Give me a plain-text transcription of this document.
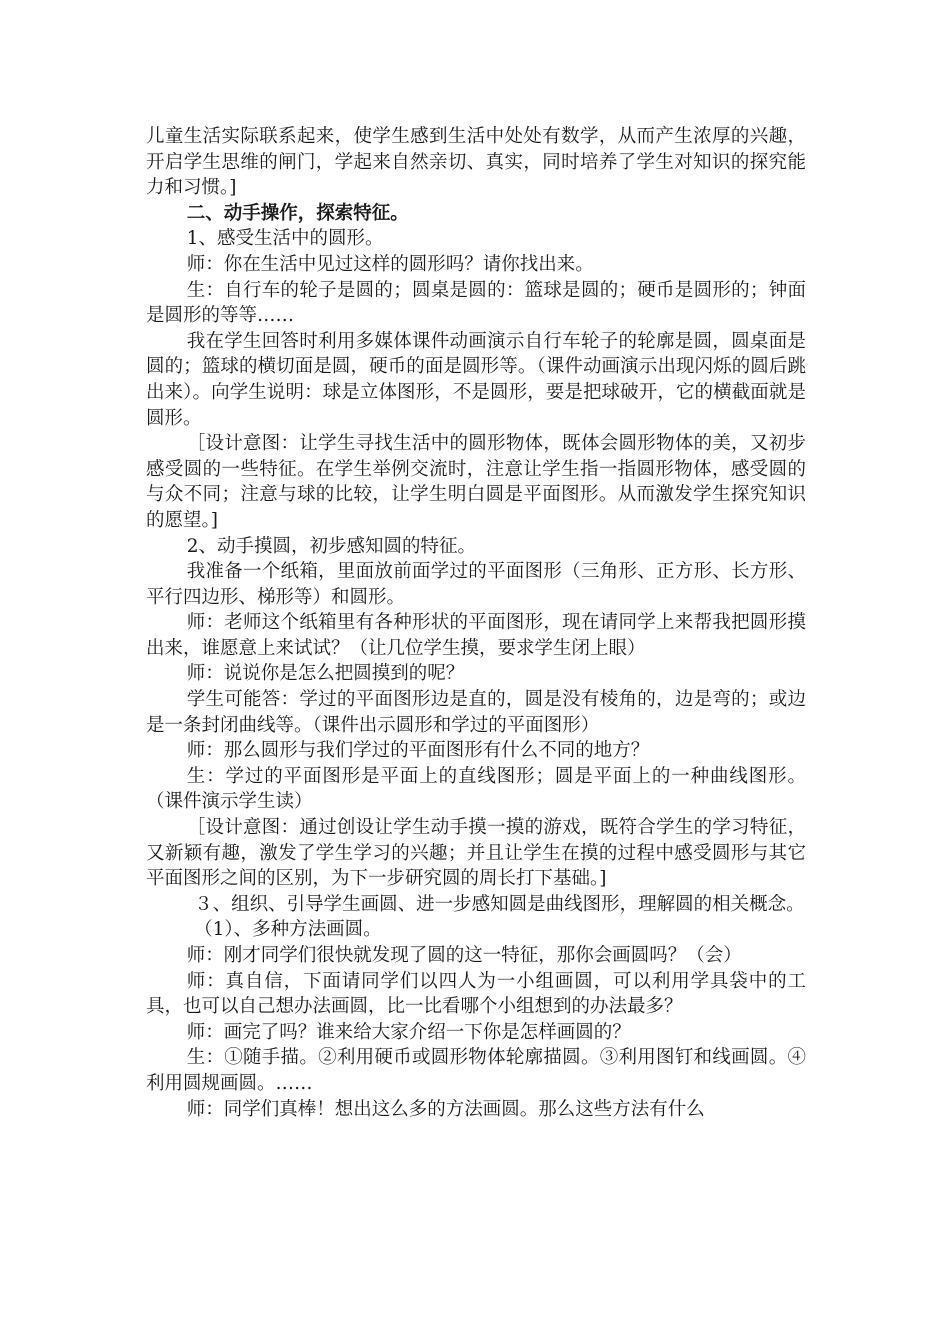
儿童生活实际联系起来，使学生感到生活中处处有数学，从而产生浓厚的兴趣，开启学生思维的闸门，学起来自然亲切、真实，同时培养了学生对知识的探究能力和习惯。]

二、动手操作，探索特征。

1、感受生活中的圆形。

师：你在生活中见过这样的圆形吗？请你找出来。

生：自行车的轮子是圆的；圆桌是圆的：篮球是圆的；硬币是圆形的；钟面是圆形的等等……

我在学生回答时利用多媒体课件动画演示自行车轮子的轮廓是圆，圆桌面是圆的；篮球的横切面是圆，硬币的面是圆形等。（课件动画演示出现闪烁的圆后跳出来）。向学生说明：球是立体图形，不是圆形，要是把球破开，它的横截面就是圆形。

［设计意图：让学生寻找生活中的圆形物体，既体会圆形物体的美，又初步感受圆的一些特征。在学生举例交流时，注意让学生指一指圆形物体，感受圆的与众不同；注意与球的比较，让学生明白圆是平面图形。从而激发学生探究知识的愿望。]

2、动手摸圆，初步感知圆的特征。

我准备一个纸箱，里面放前面学过的平面图形（三角形、正方形、长方形、平行四边形、梯形等）和圆形。

师：老师这个纸箱里有各种形状的平面图形，现在请同学上来帮我把圆形摸出来，谁愿意上来试试？（让几位学生摸，要求学生闭上眼）

师：说说你是怎么把圆摸到的呢？

学生可能答：学过的平面图形边是直的，圆是没有棱角的，边是弯的；或边是一条封闭曲线等。（课件出示圆形和学过的平面图形）

师：那么圆形与我们学过的平面图形有什么不同的地方？

生：学过的平面图形是平面上的直线图形；圆是平面上的一种曲线图形。（课件演示学生读）

［设计意图：通过创设让学生动手摸一摸的游戏，既符合学生的学习特征，又新颖有趣，激发了学生学习的兴趣；并且让学生在摸的过程中感受圆形与其它平面图形之间的区别，为下一步研究圆的周长打下基础。]

３、组织、引导学生画圆、进一步感知圆是曲线图形，理解圆的相关概念。

（1）、多种方法画圆。

师：刚才同学们很快就发现了圆的这一特征，那你会画圆吗？（会）

师：真自信，下面请同学们以四人为一小组画圆，可以利用学具袋中的工具，也可以自己想办法画圆，比一比看哪个小组想到的办法最多？

师：画完了吗？谁来给大家介绍一下你是怎样画圆的？

生：①随手描。②利用硬币或圆形物体轮廓描圆。③利用图钉和线画圆。④利用圆规画圆。……

师：同学们真棒！想出这么多的方法画圆。那么这些方法有什么
